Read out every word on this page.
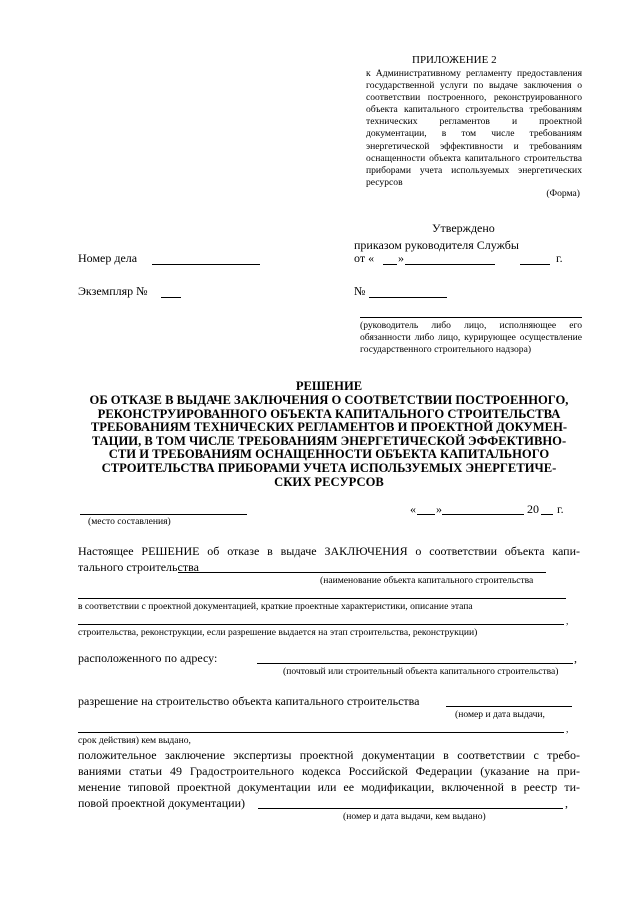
ПРИЛОЖЕНИЕ 2
к Административному регламенту предоставления государственной услуги по выдаче заключения о соответствии построенного, реконструированного объекта капитального строительства требованиям технических регламентов и проектной документации, в том числе требованиям энергетической эффективности и требованиям оснащенности объекта капитального строительства приборами учета используемых энергетических ресурсов
(Форма)
Утверждено
приказом руководителя Службы
Номер дела	от « »	г.
Экземпляр №	№
(руководитель либо лицо, исполняющее его обязанности либо лицо, курирующее осуществление государственного строительного надзора)
РЕШЕНИЕ
ОБ ОТКАЗЕ В ВЫДАЧЕ ЗАКЛЮЧЕНИЯ О СООТВЕТСТВИИ ПОСТРОЕННОГО,
РЕКОНСТРУИРОВАННОГО ОБЪЕКТА КАПИТАЛЬНОГО СТРОИТЕЛЬСТВА
ТРЕБОВАНИЯМ ТЕХНИЧЕСКИХ РЕГЛАМЕНТОВ И ПРОЕКТНОЙ ДОКУМЕН-
ТАЦИИ, В ТОМ ЧИСЛЕ ТРЕБОВАНИЯМ ЭНЕРГЕТИЧЕСКОЙ ЭФФЕКТИВНО-
СТИ И ТРЕБОВАНИЯМ ОСНАЩЕННОСТИ ОБЪЕКТА КАПИТАЛЬНОГО
СТРОИТЕЛЬСТВА ПРИБОРАМИ УЧЕТА ИСПОЛЬЗУЕМЫХ ЭНЕРГЕТИЧЕ-
СКИХ РЕСУРСОВ
(место составления)
« »	20 г.
Настоящее РЕШЕНИЕ об отказе в выдаче ЗАКЛЮЧЕНИЯ о соответствии объекта капи-
тального строительства
(наименование объекта капитального строительства
в соответствии с проектной документацией, краткие проектные характеристики, описание этапа
,
строительства, реконструкции, если разрешение выдается на этап строительства, реконструкции)
расположенного по адресу:	,
(почтовый или строительный объекта капитального строительства)
разрешение на строительство объекта капитального строительства
(номер и дата выдачи,
,
срок действия) кем выдано,
положительное заключение экспертизы проектной документации в соответствии с требо-
ваниями статьи 49 Градостроительного кодекса Российской Федерации (указание на при-
менение типовой проектной документации или ее модификации, включенной в реестр ти-
повой проектной документации)	,
(номер и дата выдачи, кем выдано)
